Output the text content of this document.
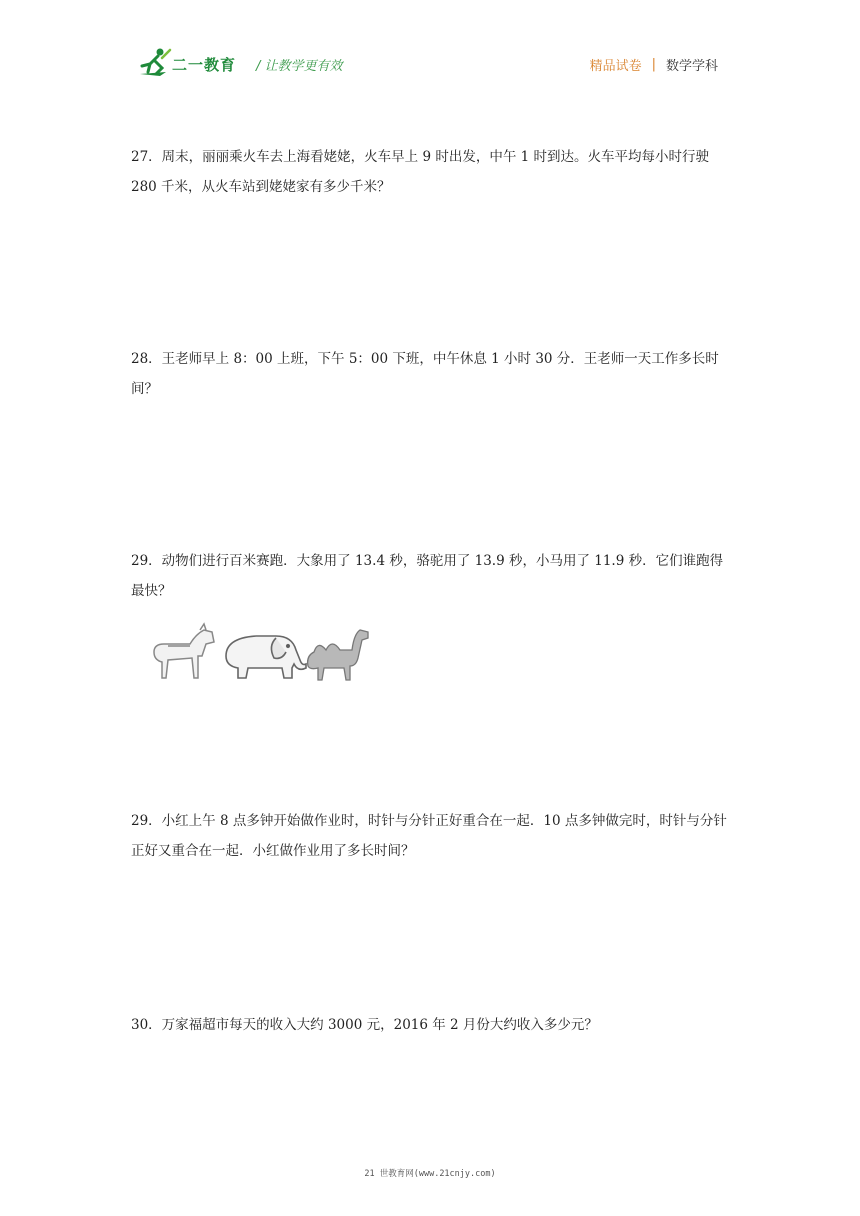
二一教育 / 让教学更有效	精品试卷 | 数学学科
27．周末，丽丽乘火车去上海看姥姥，火车早上 9 时出发，中午 1 时到达。火车平均每小时行驶 280 千米，从火车站到姥姥家有多少千米？
28．王老师早上 8：00 上班，下午 5：00 下班，中午休息 1 小时 30 分．王老师一天工作多长时间？
29．动物们进行百米赛跑．大象用了 13.4 秒，骆驼用了 13.9 秒，小马用了 11.9 秒．它们谁跑得最快？
29．小红上午 8 点多钟开始做作业时，时针与分针正好重合在一起．10 点多钟做完时，时针与分针正好又重合在一起．小红做作业用了多长时间？
30．万家福超市每天的收入大约 3000 元，2016 年 2 月份大约收入多少元？
21 世教育网(www.21cnjy.com)
